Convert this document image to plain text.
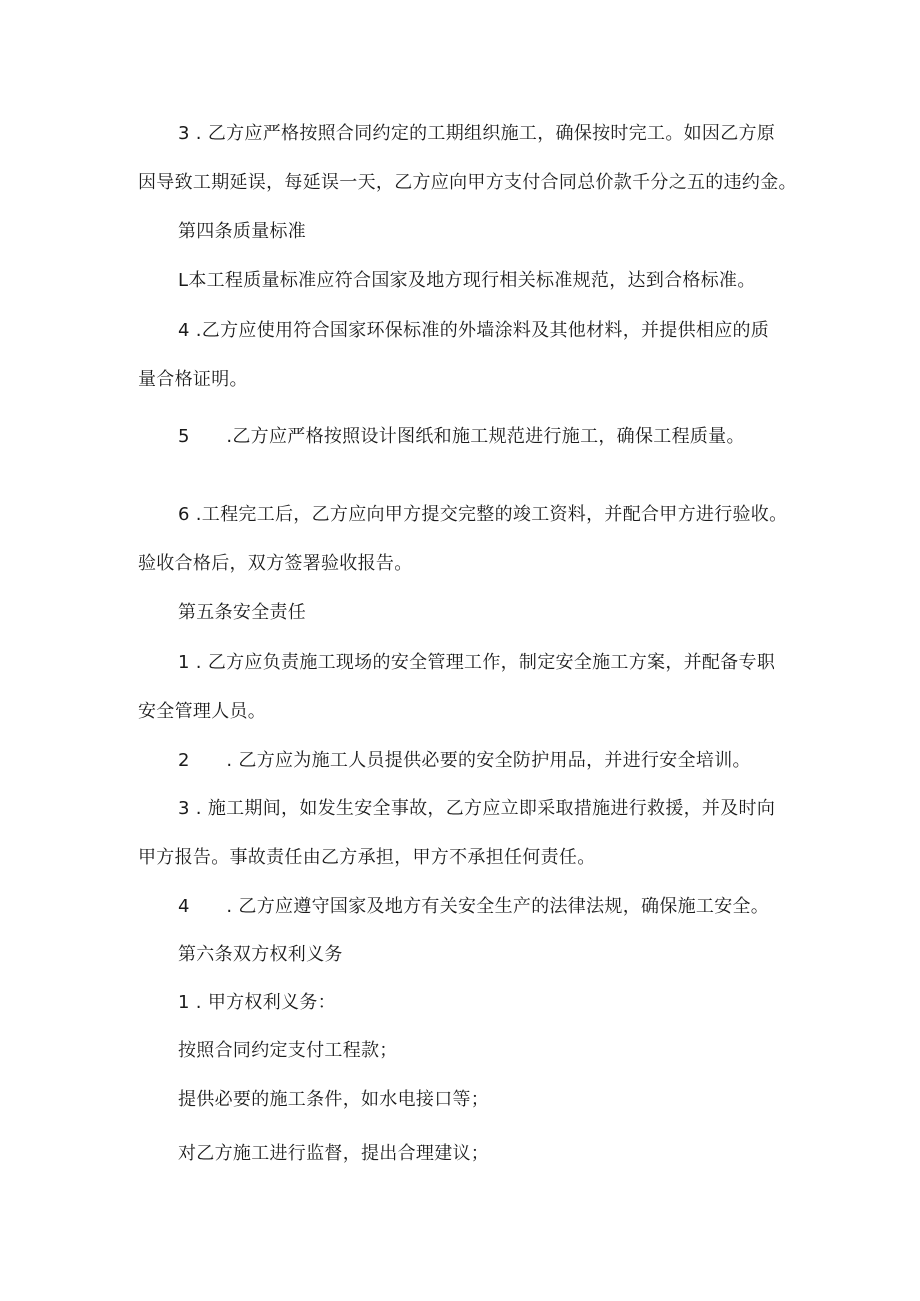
3 . 乙方应严格按照合同约定的工期组织施工，确保按时完工。如因乙方原
因导致工期延误，每延误一天，乙方应向甲方支付合同总价款千分之五的违约金。
第四条质量标准
L本工程质量标准应符合国家及地方现行相关标准规范，达到合格标准。
4 .乙方应使用符合国家环保标准的外墙涂料及其他材料，并提供相应的质
量合格证明。
5　　.乙方应严格按照设计图纸和施工规范进行施工，确保工程质量。
6 .工程完工后，乙方应向甲方提交完整的竣工资料，并配合甲方进行验收。
验收合格后，双方签署验收报告。
第五条安全责任
1 . 乙方应负责施工现场的安全管理工作，制定安全施工方案，并配备专职
安全管理人员。
2　　. 乙方应为施工人员提供必要的安全防护用品，并进行安全培训。
3 . 施工期间，如发生安全事故，乙方应立即采取措施进行救援，并及时向
甲方报告。事故责任由乙方承担，甲方不承担任何责任。
4　　. 乙方应遵守国家及地方有关安全生产的法律法规，确保施工安全。
第六条双方权利义务
1 . 甲方权利义务：
按照合同约定支付工程款；
提供必要的施工条件，如水电接口等；
对乙方施工进行监督，提出合理建议；
